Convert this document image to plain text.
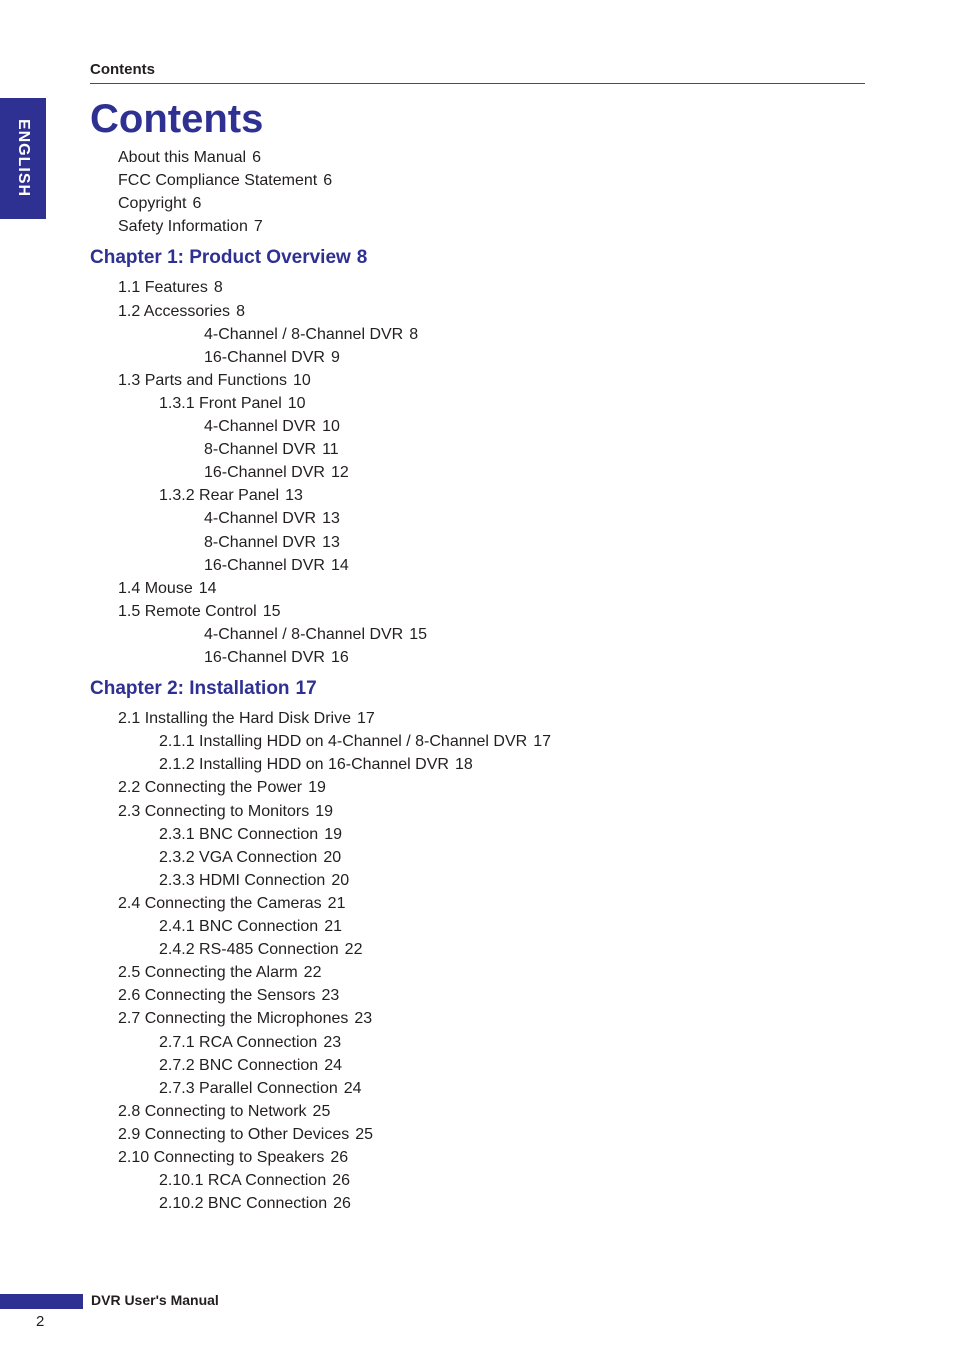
Contents
ENGLISH Contents
About this Manual 6
FCC Compliance Statement 6
Copyright 6
Safety Information 7
Chapter 1: Product Overview 8
1.1 Features 8
1.2 Accessories 8
4-Channel / 8-Channel DVR 8
16-Channel DVR 9
1.3 Parts and Functions 10
1.3.1 Front Panel 10
4-Channel DVR 10
8-Channel DVR 11
16-Channel DVR 12
1.3.2 Rear Panel 13
4-Channel DVR 13
8-Channel DVR 13
16-Channel DVR 14
1.4 Mouse 14
1.5 Remote Control 15
4-Channel / 8-Channel DVR 15
16-Channel DVR 16
Chapter 2: Installation 17
2.1 Installing the Hard Disk Drive 17
2.1.1 Installing HDD on 4-Channel / 8-Channel DVR 17
2.1.2 Installing HDD on 16-Channel DVR 18
2.2 Connecting the Power 19
2.3 Connecting to Monitors 19
2.3.1 BNC Connection 19
2.3.2 VGA Connection 20
2.3.3 HDMI Connection 20
2.4 Connecting the Cameras 21
2.4.1 BNC Connection 21
2.4.2 RS-485 Connection 22
2.5 Connecting the Alarm 22
2.6 Connecting the Sensors 23
2.7 Connecting the Microphones 23
2.7.1 RCA Connection 23
2.7.2 BNC Connection 24
2.7.3 Parallel Connection 24
2.8 Connecting to Network 25
2.9 Connecting to Other Devices 25
2.10 Connecting to Speakers 26
2.10.1 RCA Connection 26
2.10.2 BNC Connection 26
DVR User's Manual
2
